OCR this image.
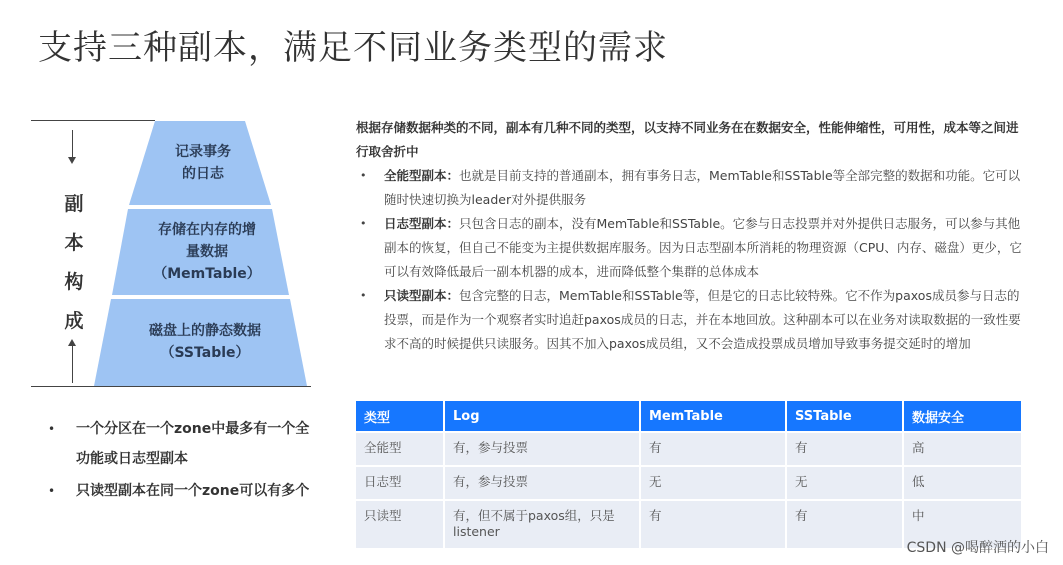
支持三种副本，满足不同业务类型的需求
副
本
构
成
记录事务
的日志
存储在内存的增
量数据
（MemTable）
磁盘上的静态数据
（SSTable）
• 一个分区在一个zone中最多有一个全功能或日志型副本
• 只读型副本在同一个zone可以有多个
根据存储数据种类的不同，副本有几种不同的类型，以支持不同业务在在数据安全，性能伸缩性，可用性，成本等之间进行取舍折中
• 全能型副本：也就是目前支持的普通副本，拥有事务日志，MemTable和SSTable等全部完整的数据和功能。它可以随时快速切换为leader对外提供服务
• 日志型副本：只包含日志的副本，没有MemTable和SSTable。它参与日志投票并对外提供日志服务，可以参与其他副本的恢复，但自己不能变为主提供数据库服务。因为日志型副本所消耗的物理资源（CPU、内存、磁盘）更少，它可以有效降低最后一副本机器的成本，进而降低整个集群的总体成本
• 只读型副本：包含完整的日志，MemTable和SSTable等，但是它的日志比较特殊。它不作为paxos成员参与日志的投票，而是作为一个观察者实时追赶paxos成员的日志，并在本地回放。这种副本可以在业务对读取数据的一致性要求不高的时候提供只读服务。因其不加入paxos成员组，又不会造成投票成员增加导致事务提交延时的增加
类型	Log	MemTable	SSTable	数据安全
全能型	有，参与投票	有	有	高
日志型	有，参与投票	无	无	低
只读型	有，但不属于paxos组，只是listener	有	有	中
CSDN @喝醉酒的小白
